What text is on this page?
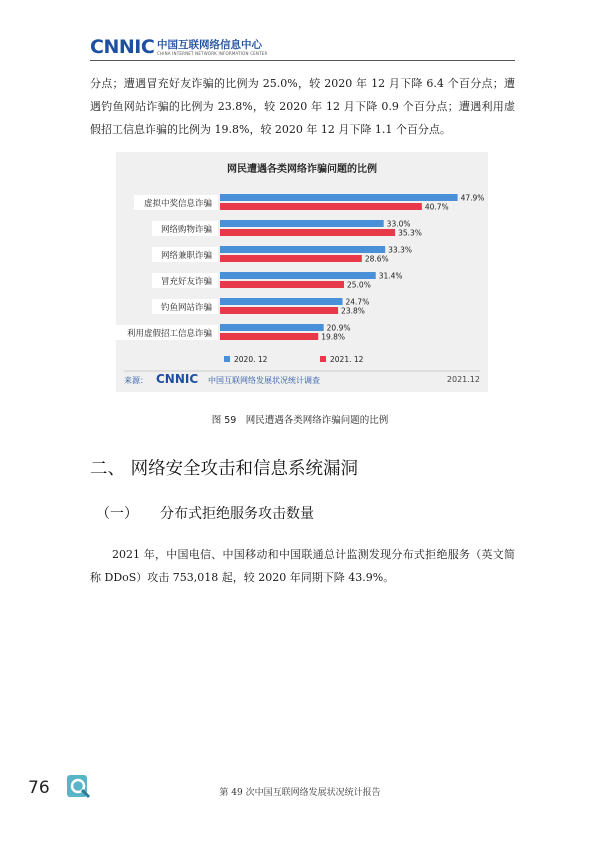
CNNIC 中国互联网络信息中心
CHINA INTERNET NETWORK INFORMATION CENTER
分点；遭遇冒充好友诈骗的比例为 25.0%，较 2020 年 12 月下降 6.4 个百分点；遭遇钓鱼网站诈骗的比例为 23.8%，较 2020 年 12 月下降 0.9 个百分点；遭遇利用虚假招工信息诈骗的比例为 19.8%，较 2020 年 12 月下降 1.1 个百分点。
虚拟中奖信息诈骗
47.9%
40.7%
网络购物诈骗
33.0%
35.3%
网络兼职诈骗
33.3%
28.6%
冒充好友诈骗
31.4%
25.0%
钓鱼网站诈骗
24.7%
23.8%
利用虚假招工信息诈骗
20.9%
19.8%
2020. 12	2021. 12
网民遭遇各类网络诈骗问题的比例
来源： CNNIC 中国互联网络发展状况统计调查	2021.12
图 59　网民遭遇各类网络诈骗问题的比例
二、 网络安全攻击和信息系统漏洞
（一） 分布式拒绝服务攻击数量
2021 年，中国电信、中国移动和中国联通总计监测发现分布式拒绝服务（英文简称 DDoS）攻击 753,018 起，较 2020 年同期下降 43.9%。
76	第 49 次中国互联网络发展状况统计报告
